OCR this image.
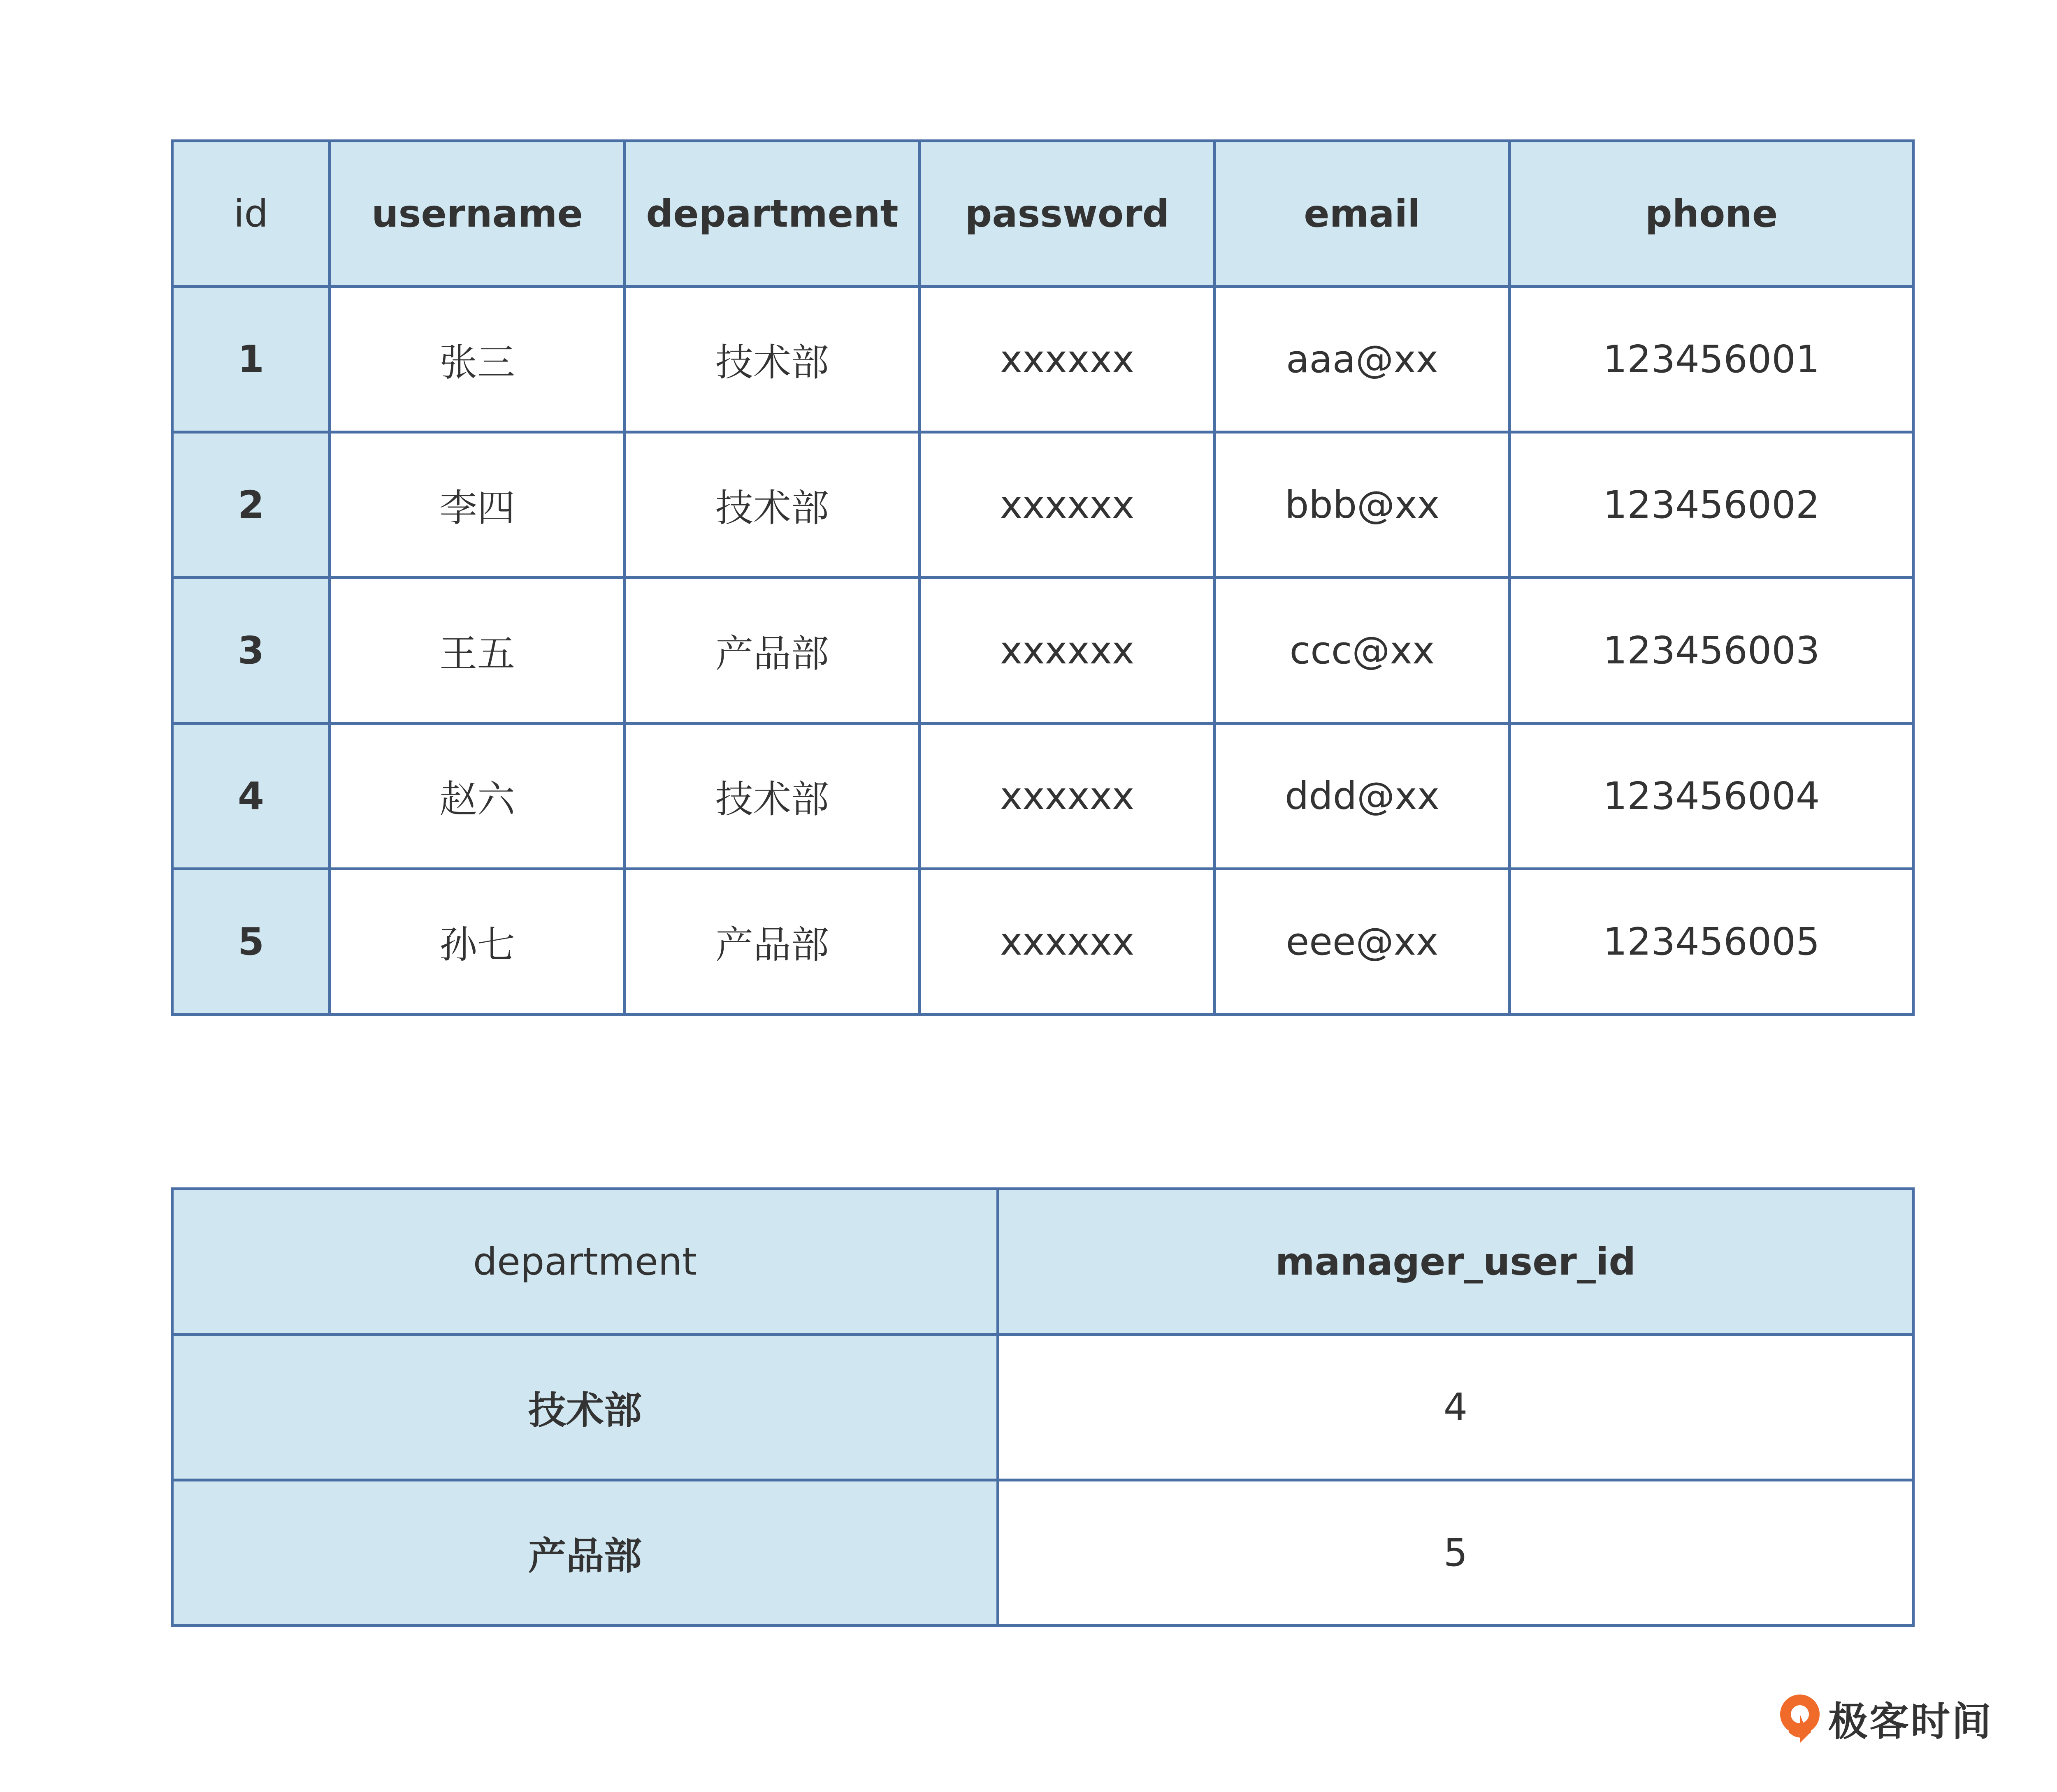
id	username	department	password	email	phone
1	张三	技术部	xxxxxx	aaa@xx	123456001
2	李四	技术部	xxxxxx	bbb@xx	123456002
3	王五	产品部	xxxxxx	ccc@xx	123456003
4	赵六	技术部	xxxxxx	ddd@xx	123456004
5	孙七	产品部	xxxxxx	eee@xx	123456005
department	manager_user_id
技术部	4
产品部	5
极客时间
